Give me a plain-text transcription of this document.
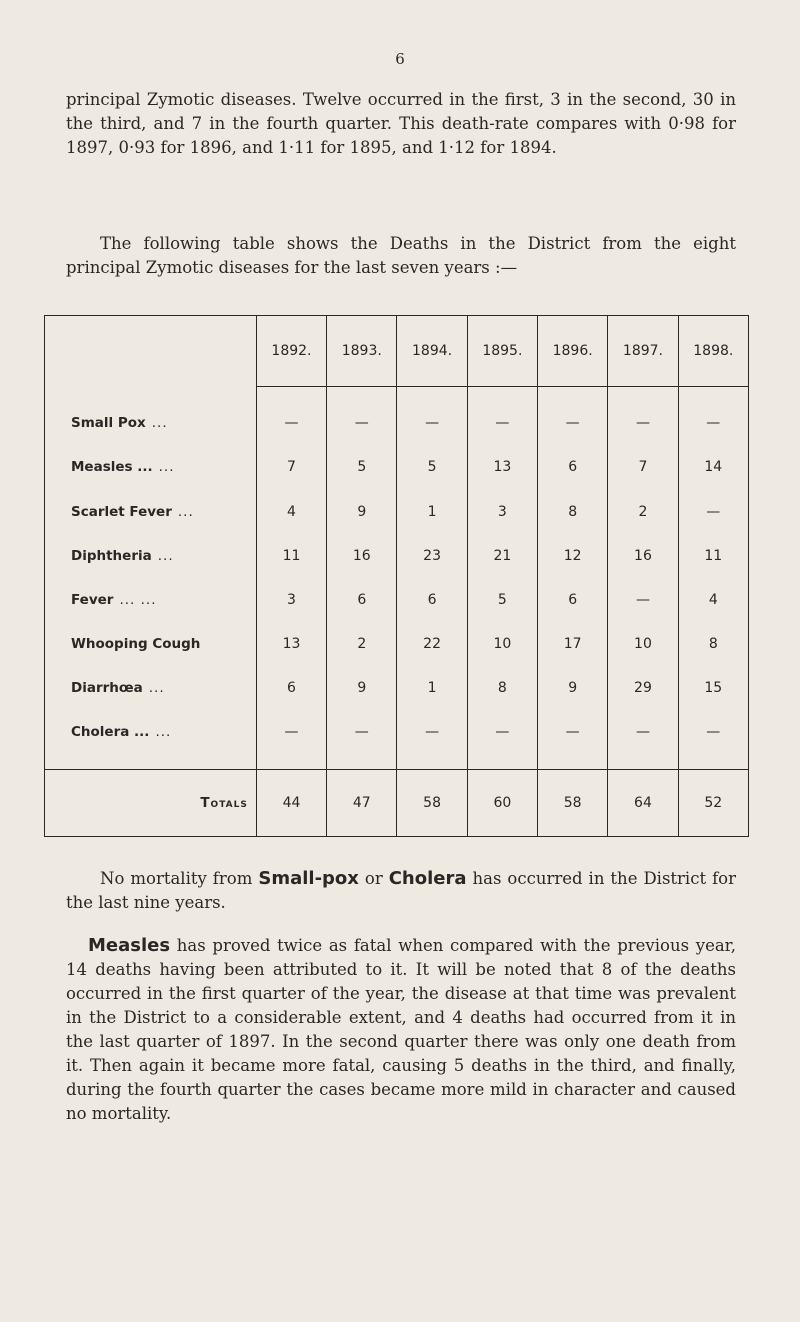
6
principal Zymotic diseases. Twelve occurred in the first, 3 in the second, 30 in the third, and 7 in the fourth quarter. This death-rate compares with 0·98 for 1897, 0·93 for 1896, and 1·11 for 1895, and 1·12 for 1894.
The following table shows the Deaths in the District from the eight principal Zymotic diseases for the last seven years :—
	1892.	1893.	1894.	1895.	1896.	1897.	1898.
Small Pox ...	—	—	—	—	—	—	—
Measles ... ...	7	5	5	13	6	7	14
Scarlet Fever ...	4	9	1	3	8	2	—
Diphtheria ...	11	16	23	21	12	16	11
Fever ... ...	3	6	6	5	6	—	4
Whooping Cough	13	2	22	10	17	10	8
Diarrhœa ...	6	9	1	8	9	29	15
Cholera ... ...	—	—	—	—	—	—	—

Totals	44	47	58	60	58	64	52
No mortality from Small-pox or Cholera has occurred in the District for the last nine years.
Measles has proved twice as fatal when compared with the previous year, 14 deaths having been attributed to it. It will be noted that 8 of the deaths occurred in the first quarter of the year, the disease at that time was prevalent in the District to a considerable extent, and 4 deaths had occurred from it in the last quarter of 1897. In the second quarter there was only one death from it. Then again it became more fatal, causing 5 deaths in the third, and finally, during the fourth quarter the cases became more mild in character and caused no mortality.
